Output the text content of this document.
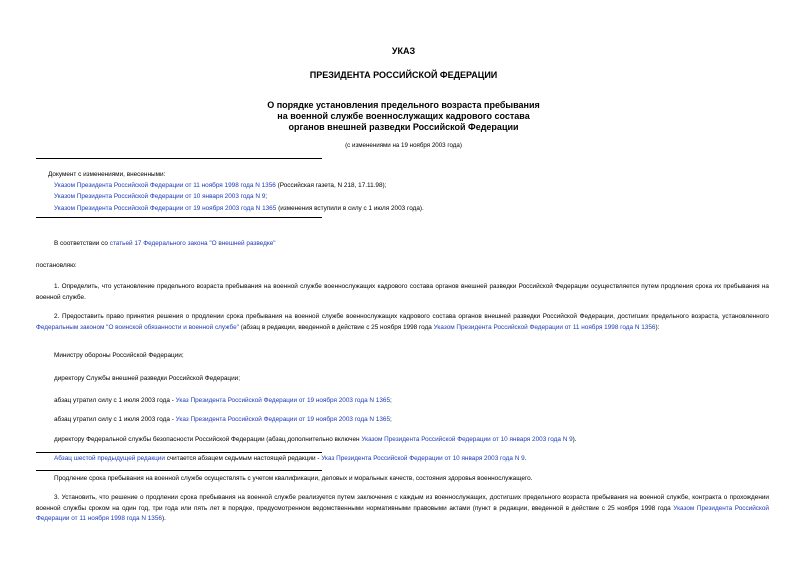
УКАЗ
ПРЕЗИДЕНТА РОССИЙСКОЙ ФЕДЕРАЦИИ
О порядке установления предельного возраста пребывания
на военной службе военнослужащих кадрового состава
органов внешней разведки Российской Федерации
(с изменениями на 19 ноября 2003 года)
Документ с изменениями, внесенными:
Указом Президента Российской Федерации от 11 ноября 1998 года N 1356 (Российская газета, N 218, 17.11.98);
Указом Президента Российской Федерации от 10 января 2003 года N 9;
Указом Президента Российской Федерации от 19 ноября 2003 года N 1365 (изменения вступили в силу с 1 июля 2003 года).
В соответствии со статьей 17 Федерального закона "О внешней разведке"
постановляю:
1. Определить, что установление предельного возраста пребывания на военной службе военнослужащих кадрового состава органов внешней разведки Российской Федерации осуществляется путем продления срока их пребывания на военной службе.
2. Предоставить право принятия решения о продлении срока пребывания на военной службе военнослужащих кадрового состава органов внешней разведки Российской Федерации, достигших предельного возраста, установленного Федеральным законом "О воинской обязанности и военной службе" (абзац в редакции, введенной в действие с 25 ноября 1998 года Указом Президента Российской Федерации от 11 ноября 1998 года N 1356):
Министру обороны Российской Федерации;
директору Службы внешней разведки Российской Федерации;
абзац утратил силу с 1 июля 2003 года - Указ Президента Российской Федерации от 19 ноября 2003 года N 1365;
абзац утратил силу с 1 июля 2003 года - Указ Президента Российской Федерации от 19 ноября 2003 года N 1365;
директору Федеральной службы безопасности Российской Федерации (абзац дополнительно включен Указом Президента Российской Федерации от 10 января 2003 года N 9).
Абзац шестой предыдущей редакции считается абзацем седьмым настоящей редакции - Указ Президента Российской Федерации от 10 января 2003 года N 9.
Продление срока пребывания на военной службе осуществлять с учетом квалификации, деловых и моральных качеств, состояния здоровья военнослужащего.
3. Установить, что решение о продлении срока пребывания на военной службе реализуется путем заключения с каждым из военнослужащих, достигших предельного возраста пребывания на военной службе, контракта о прохождении военной службы сроком на один год, три года или пять лет в порядке, предусмотренном ведомственными нормативными правовыми актами (пункт в редакции, введенной в действие с 25 ноября 1998 года Указом Президента Российской Федерации от 11 ноября 1998 года N 1356).
